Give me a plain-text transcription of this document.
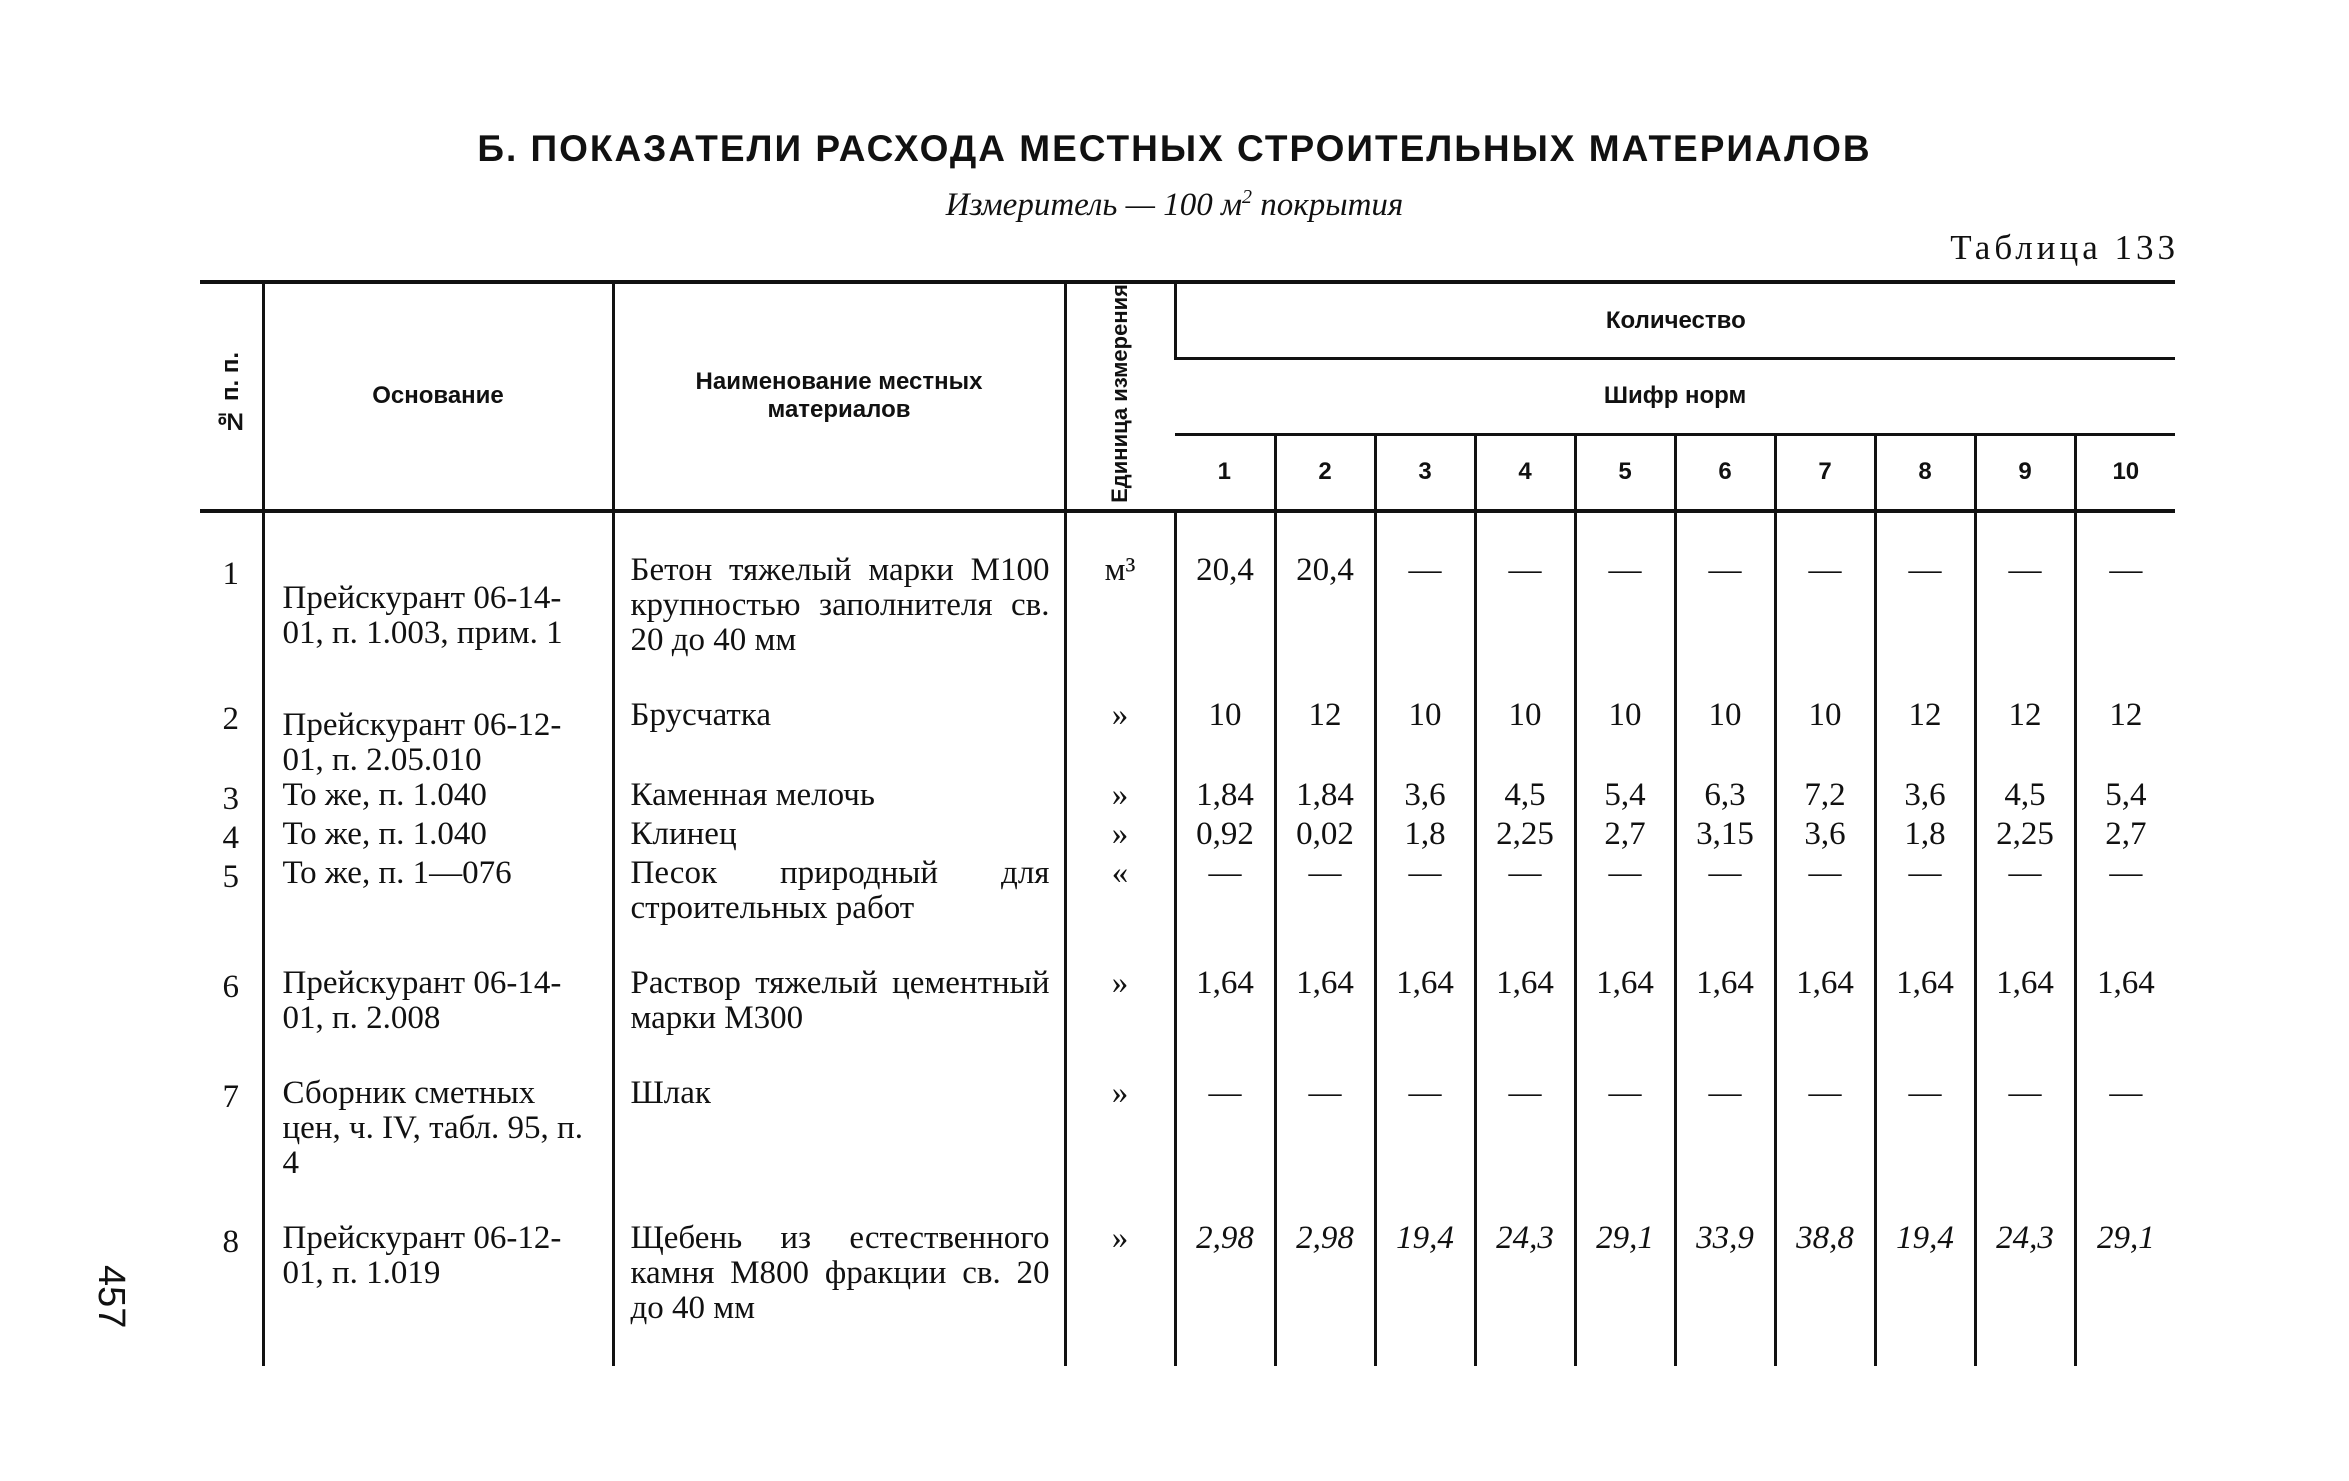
Б. ПОКАЗАТЕЛИ РАСХОДА МЕСТНЫХ СТРОИТЕЛЬНЫХ МАТЕРИАЛОВ
Измеритель — 100 $м^2$ покрытия
Таблица 133
457
№ п. п.	Основание	Наименование местных материалов	Единица измерения	Количество									
				Шифр норм									
				1	2	3	4	5	6	7	8	9	10

1	Прейскурант 06-14-01, п. 1.003, прим. 1	Бетон тяжелый марки М100 крупностью заполнителя св. 20 до 40 мм	м³	20,4	20,4	—	—	—	—	—	—	—	—

2	Прейскурант 06-12-01, п. 2.05.010	Брусчатка	»	10	12	10	10	10	10	10	12	12	12
3	То же, п. 1.040	Каменная мелочь	»	1,84	1,84	3,6	4,5	5,4	6,3	7,2	3,6	4,5	5,4
4	То же, п. 1.040	Клинец	»	0,92	0,02	1,8	2,25	2,7	3,15	3,6	1,8	2,25	2,7
5	То же, п. 1—076	Песок природный для строительных работ	«	—	—	—	—	—	—	—	—	—	—

6	Прейскурант 06-14-01, п. 2.008	Раствор тяжелый цементный марки М300	»	1,64	1,64	1,64	1,64	1,64	1,64	1,64	1,64	1,64	1,64

7	Сборник сметных цен, ч. IV, табл. 95, п. 4	Шлак	»	—	—	—	—	—	—	—	—	—	—

8	Прейскурант 06-12-01, п. 1.019	Щебень из естественного камня М800 фракции св. 20 до 40 мм	»	2,98	2,98	19,4	24,3	29,1	33,9	38,8	19,4	24,3	29,1
